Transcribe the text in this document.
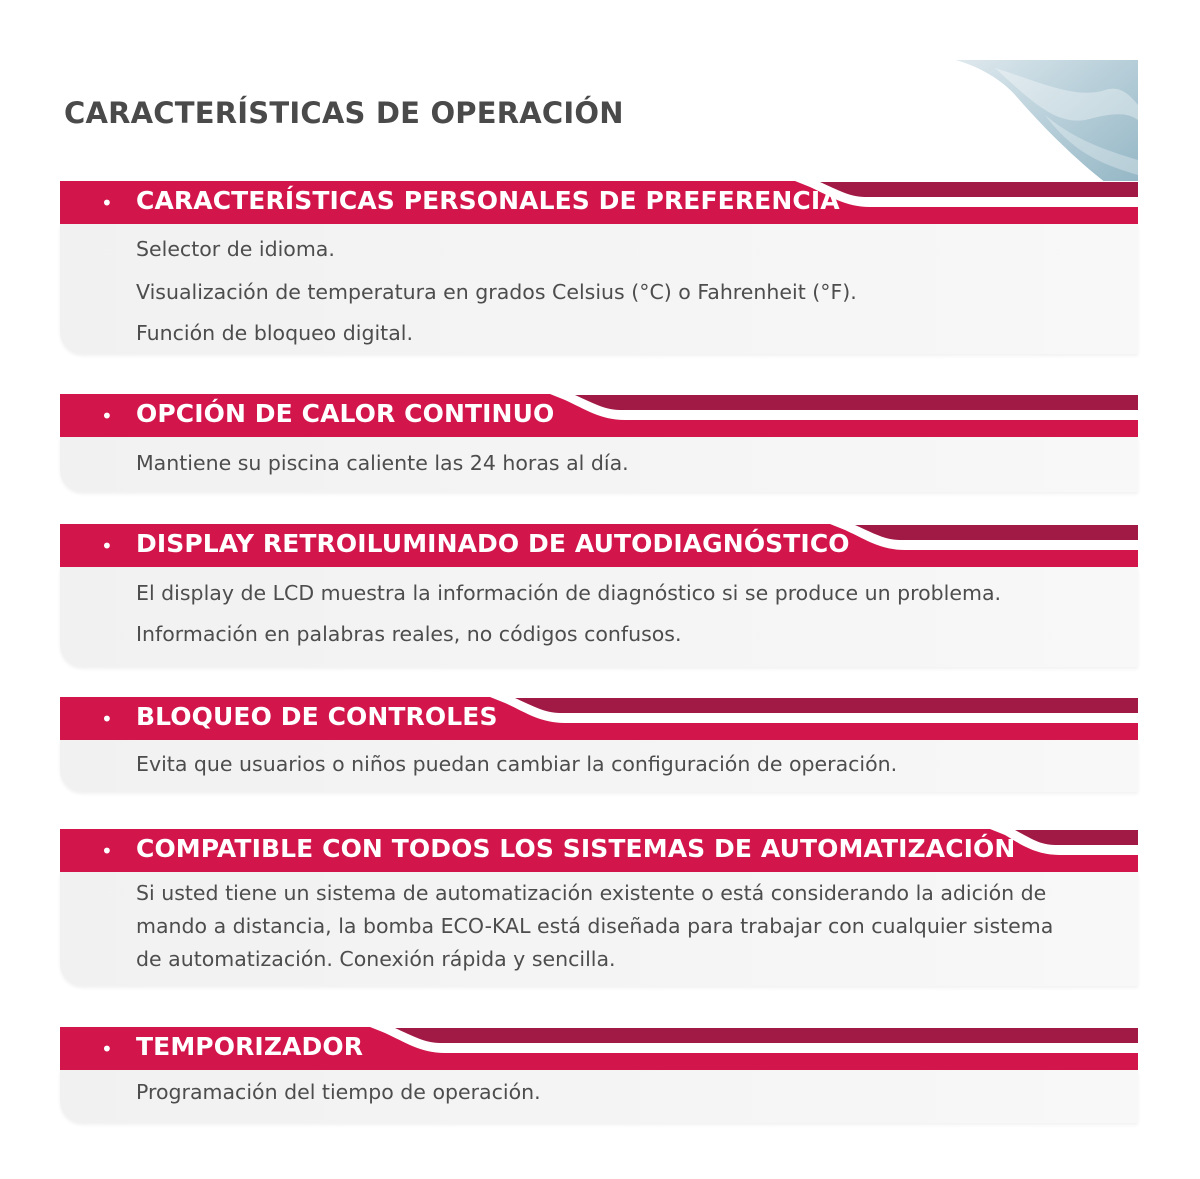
CARACTERÍSTICAS DE OPERACIÓN
• CARACTERÍSTICAS PERSONALES DE PREFERENCIA

Selector de idioma.

Visualización de temperatura en grados Celsius (°C) o Fahrenheit (°F).

Función de bloqueo digital.

• OPCIÓN DE CALOR CONTINUO

Mantiene su piscina caliente las 24 horas al día.

• DISPLAY RETROILUMINADO DE AUTODIAGNÓSTICO

El display de LCD muestra la información de diagnóstico si se produce un problema.

Información en palabras reales, no códigos confusos.

• BLOQUEO DE CONTROLES

Evita que usuarios o niños puedan cambiar la configuración de operación.

• COMPATIBLE CON TODOS LOS SISTEMAS DE AUTOMATIZACIÓN

Si usted tiene un sistema de automatización existente o está considerando la adición de

mando a distancia, la bomba ECO-KAL está diseñada para trabajar con cualquier sistema

de automatización. Conexión rápida y sencilla.

• TEMPORIZADOR

Programación del tiempo de operación.
